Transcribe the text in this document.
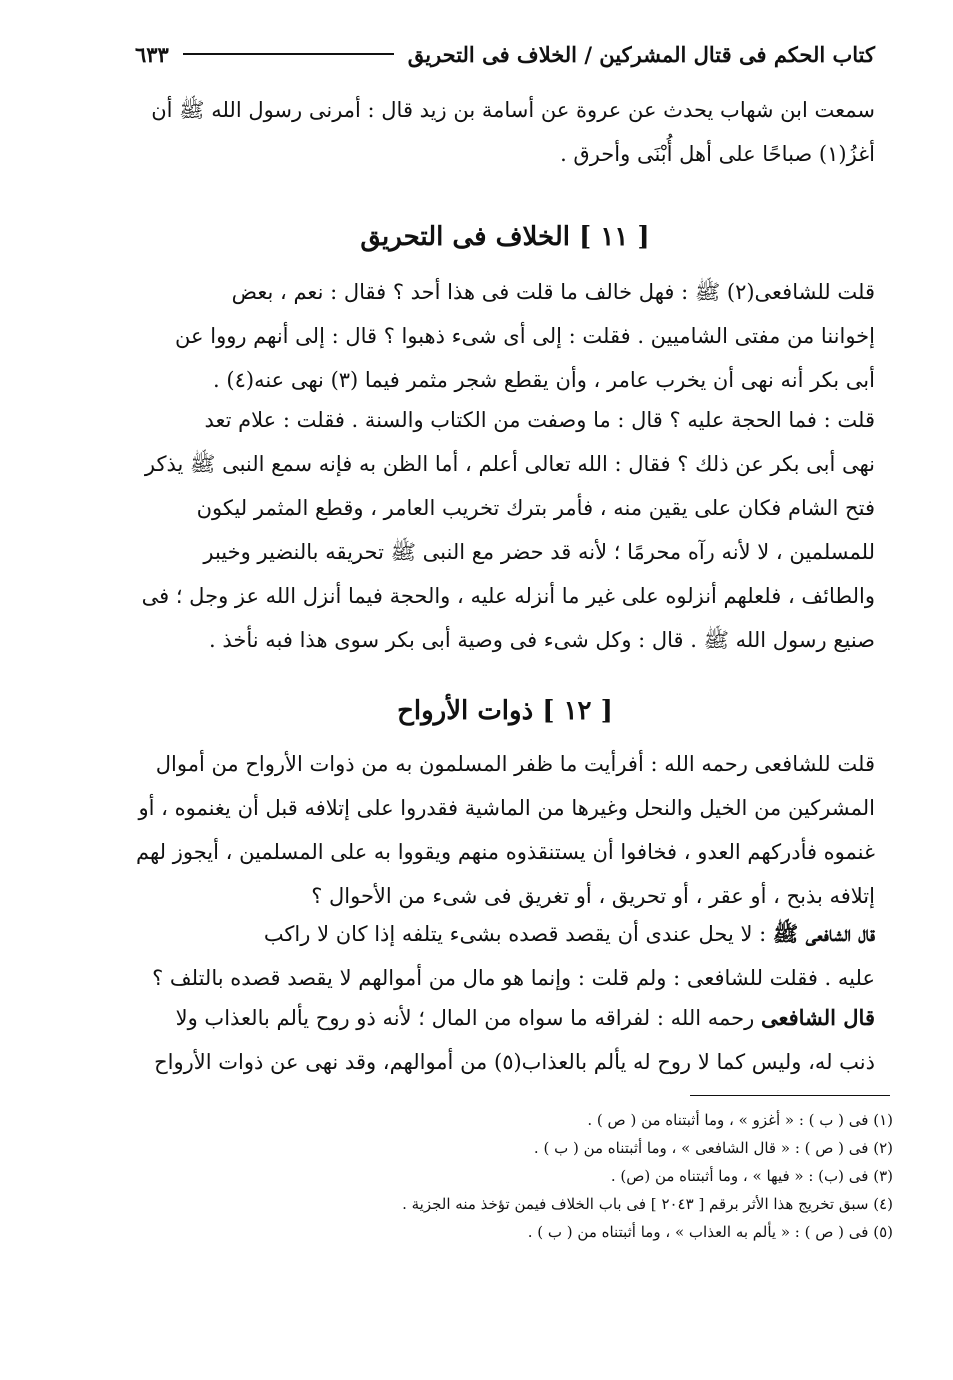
كتاب الحكم فى قتال المشركين / الخلاف فى التحريق
٦٣٣

سمعت ابن شهاب يحدث عن عروة عن أسامة بن زيد قال : أمرنى رسول الله ﷺ أن

أغزُ(١) صباحًا على أهل أُبْنَى وأحرق .

[ ١١ ] الخلاف فى التحريق

قلت للشافعى(٢) ﷺ : فهل خالف ما قلت فى هذا أحد ؟ فقال : نعم ، بعض

إخواننا من مفتى الشاميين . فقلت : إلى أى شىء ذهبوا ؟ قال : إلى أنهم رووا عن

أبى بكر أنه نهى أن يخرب عامر ، وأن يقطع شجر مثمر فيما (٣) نهى عنه(٤) .

قلت : فما الحجة عليه ؟ قال : ما وصفت من الكتاب والسنة . فقلت : علام تعد

نهى أبى بكر عن ذلك ؟ فقال : الله تعالى أعلم ، أما الظن به فإنه سمع النبى ﷺ يذكر

فتح الشام فكان على يقين منه ، فأمر بترك تخريب العامر ، وقطع المثمر ليكون

للمسلمين ، لا لأنه رآه محرمًا ؛ لأنه قد حضر مع النبى ﷺ تحريقه بالنضير وخيبر

والطائف ، فلعلهم أنزلوه على غير ما أنزله عليه ، والحجة فيما أنزل الله عز وجل ؛ فى

صنيع رسول الله ﷺ . قال : وكل شىء فى وصية أبى بكر سوى هذا فبه نأخذ .

[ ١٢ ] ذوات الأرواح

قلت للشافعى رحمه الله : أفرأيت ما ظفر المسلمون به من ذوات الأرواح من أموال

المشركين من الخيل والنحل وغيرها من الماشية فقدروا على إتلافه قبل أن يغنموه ، أو

غنموه فأدركهم العدو ، فخافوا أن يستنقذوه منهم ويقووا به على المسلمين ، أيجوز لهم

إتلافه بذبح ، أو عقر ، أو تحريق ، أو تغريق فى شىء من الأحوال ؟

قال الشافعى ﷺ : لا يحل عندى أن يقصد قصده بشىء يتلفه إذا كان لا راكب

عليه . فقلت للشافعى : ولم قلت : وإنما هو مال من أموالهم لا يقصد قصده بالتلف ؟

قال الشافعى رحمه الله : لفراقه ما سواه من المال ؛ لأنه ذو روح يألم بالعذاب ولا

ذنب له، وليس كما لا روح له يألم بالعذاب(٥) من أموالهم، وقد نهى عن ذوات الأرواح

(١) فى ( ب ) : « أغزو » ، وما أثبتناه من ( ص ) .
(٢) فى ( ص ) : « قال الشافعى » ، وما أثبتناه من ( ب ) .
(٣) فى (ب) : « فيها » ، وما أثبتناه من (ص) .
(٤) سبق تخريج هذا الأثر برقم [ ٢٠٤٣ ] فى باب الخلاف فيمن تؤخذ منه الجزية .
(٥) فى ( ص ) : « يألم به العذاب » ، وما أثبتناه من ( ب ) .
